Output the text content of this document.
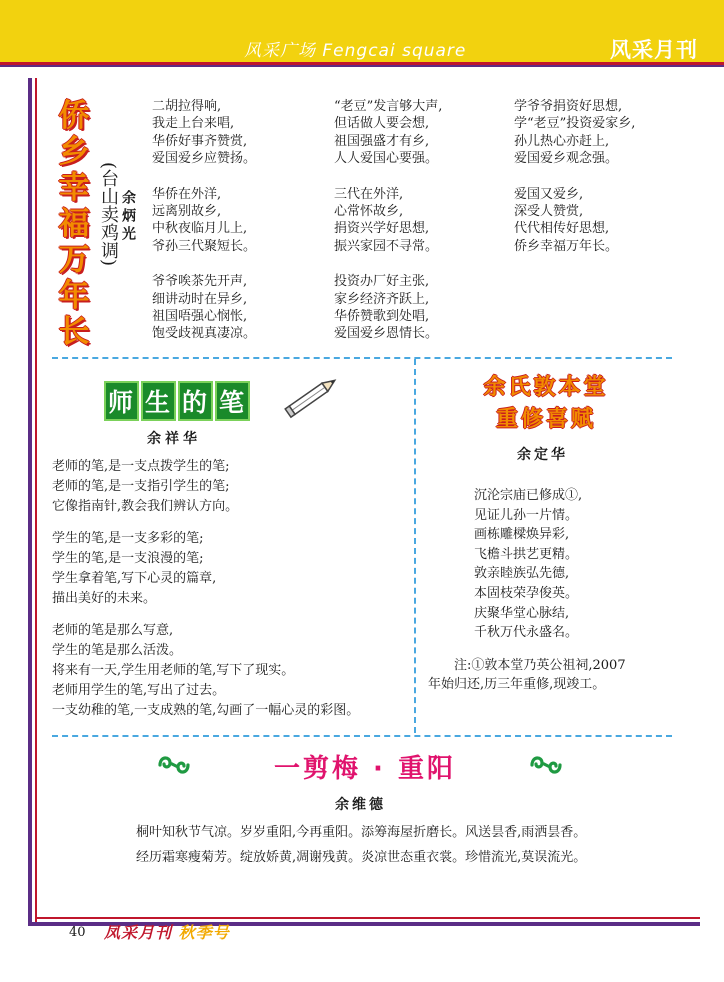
风采广场 Fengcai square	风采月刊
侨
乡
幸
福
万
年
长
(台山卖鸡调) 余炳光
二胡拉得响,
我走上台来唱,
华侨好事齐赞赏,
爱国爱乡应赞扬。
华侨在外洋,
远离别故乡,
中秋夜临月儿上,
爷孙三代聚短长。
爷爷唉茶先开声,
细讲动时在异乡,
祖国唔强心悯怅,
饱受歧视真凄凉。
“老豆”发言够大声,
但话做人要会想,
祖国强盛才有乡,
人人爱国心要强。
三代在外洋,
心常怀故乡,
捐资兴学好思想,
振兴家园不寻常。
投资办厂好主张,
家乡经济齐跃上,
华侨赞歌到处唱,
爱国爱乡恩情长。
学爷爷捐资好思想,
学“老豆”投资爱家乡,
孙儿热心亦赶上,
爱国爱乡观念强。
爱国又爱乡,
深受人赞赏,
代代相传好思想,
侨乡幸福万年长。
师 生 的 笔
余祥华
老师的笔,是一支点拨学生的笔;
老师的笔,是一支指引学生的笔;
它像指南针,教会我们辨认方向。
学生的笔,是一支多彩的笔;
学生的笔,是一支浪漫的笔;
学生拿着笔,写下心灵的篇章,
描出美好的未来。
老师的笔是那么写意,
学生的笔是那么活泼。
将来有一天,学生用老师的笔,写下了现实。
老师用学生的笔,写出了过去。
一支幼稚的笔,一支成熟的笔,勾画了一幅心灵的彩图。
余氏敦本堂
重修喜赋
余定华
沉沦宗庙已修成①,
见证儿孙一片情。
画栋雕樑焕异彩,
飞檐斗拱艺更精。
敦亲睦族弘先德,
本固枝荣孕俊英。
庆聚华堂心脉结,
千秋万代永盛名。
注:①敦本堂乃英公祖祠,2007
年始归还,历三年重修,现竣工。
一剪梅 · 重阳
余维德

桐叶知秋节气凉。岁岁重阳,今再重阳。添筹海屋折磨长。风送昙香,雨洒昙香。

经历霜寒瘦菊芳。绽放娇黄,凋谢残黄。炎凉世态重衣裳。珍惜流光,莫误流光。

40 凤采月刊 秋季号
